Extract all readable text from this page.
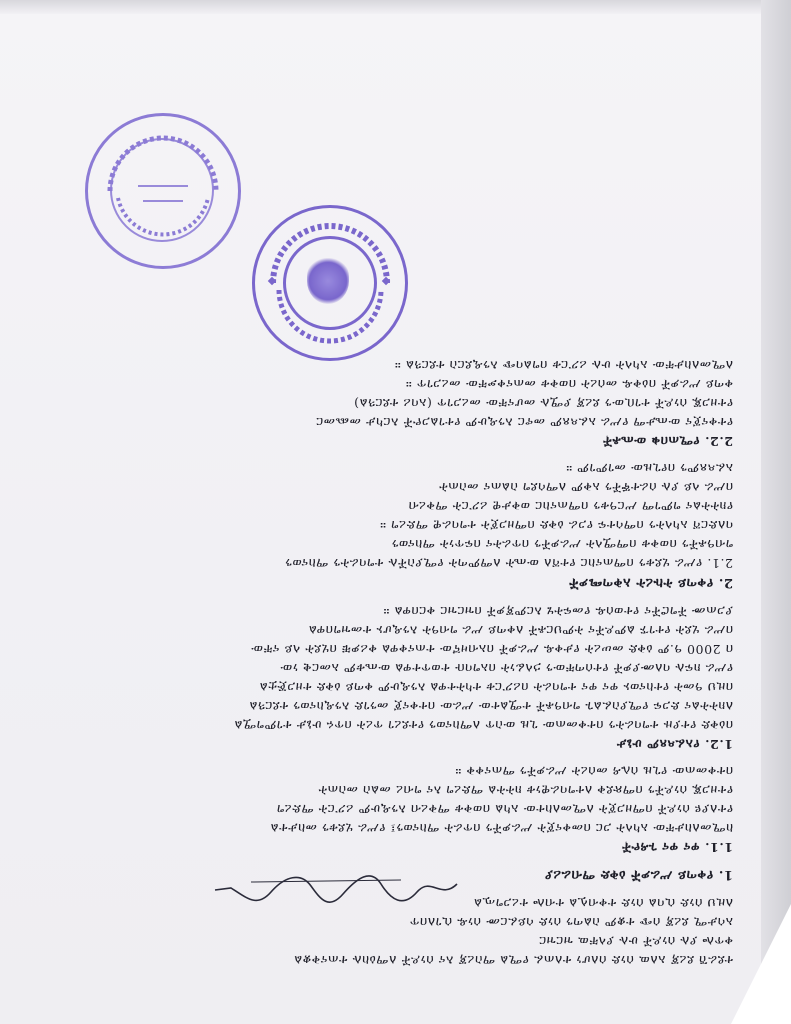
ተደራሽ ደረጃ አለዉ ሰነድ ሰለሆነ ተለጠፈ የሚል ማስረጃ እና ሰነዶች ለማዕከሉ ተጠናቅቋል
ቀጥሎ ያሉ ሰነዶች ሁሉ ያላቸዉ ዝርዝር
አሳታሚ ደረጃ ሰጭ ተቋም ስልጣን ሰነድ ሳይፈርሙ ሰነዱ ሲገለበጥ
ለዚህ ሰነድ ሲባል ሰነድ ተቀብሏል ተብሎ ተረጋግጧል
1. የቀጣይ ሥራዎች ዕቅድ ማብራሪያ
1.1. ዋና ዋና ጉዳዮች
ከሚመለከታቸው አካላት ጋር በመቀናጀት ሥራዎችን በጥራት ማከናወን፤ የሥራ ሂደቱን መከታተል
የተለያዩ ሰነዶች በማዘጋጀት ለሚመለከተው አካል በወቅቱ ማቅረብ እንዲሁም ሪፖርት ማድረግ
የተዘጋጁ ሰነዶችን በማጽደቅ ለተግባራዊነቱ ክትትል ማድረግ እና ግብረ መልስ መስጠት
በተቀመጠው የጊዜ ሰሌዳ መሰረት ሥራዎችን ማጠናቀቅ ።
1.2. የአፈጻጸም ሁኔታ
በዕቅድ የተያዙ ተግባራትን በተቀመጠው ጊዜ ውስጥ ለማከናወን የተደረገ ጥረት በጥሩ ሁኔታ ተገምግሟል
ለክትትልና ድጋፍ የሚያስፈልጉ ግብዓቶች ተሟልተው ሥራው በተቀናጀ መንገድ እንዲከናወን ተደርጓል
በዚህ ዓመት የተከናወኑ ዋና ዋና ተግባራት በሪፖርቱ ተካትተዋል እንዲሁም ቀጣይ ዕቅድ ተዘጋጅቷል
የሥራ ክፍሉ ባለሙያዎች የተሰጣቸውን ኃላፊነት በአግባቡ ተወጥተዋል ውጤቱም አመርቂ ነው
በ 2000 ዓ.ም ዕቅድ መሠረት የታቀዱ ሥራዎች በአብዛኛው ተጠናቀዋል ቀሪዎቹ በሂደት ላይ ናቸው
በሥራ ሂደት የተገኙ ልምዶችና ትምህርቶች ለቀጣይ ሥራ ግብዓት እንዲሆኑ ተመዝግበዋል
ያጋጠሙ ችግሮችና የተወሰዱ የመፍትሄ እርምጃዎች በዝርዝር ቀርበዋል ።
2. የቀጣይ ትኩረት አቅጣጫዎች
2.1. የሥራ ሂደቱን በማጠናከር የተሻለ ውጤት ለማምጣት የሚያስችሉ ተግባራትን ማከናወን
ግብዓቶችን በወቅቱ በማሟላት ሥራዎችን በጥራትና በፍጥነት ማከናወን
ባለድርሻ አካላትን በማሳተፍ የጋራ ዕቅድ በማዘጋጀት ተግባራዊ ማድረግ ።
የክትትልና ግምገማ ሥርዓቱን በማጠናከር ወቅታዊ ሪፖርት ማቅረብ
በሥራ ላይ ያሉ ሰራተኞችን አቅም ለማሳደግ ስልጠና መስጠት
አፈጻጸምን በየጊዜው መገምገም ።
2.2. የሚጠበቁ ውጤቶች
የተቀናጀና ውጤታማ የሥራ አፈጻጸም መኖር እንዲሁም የተገልጋዮች እርካታ መጨመር
የተዘጋጁ ሰነዶች ተገቢውን ደረጃ ያሟሉ መሆናቸው መረጋገጥ (አባሪ ተደርጓል)
ቀጣይ ሥራዎች በዕቅዱ መሰረት በወቅቱ መጠናቀቃቸው መረጋገጥ ።
ለሚመለከታቸው አካላት ሁሉ ሪፖርቱ በግልባጭ እንዲደርስ ተደርጓል ።
